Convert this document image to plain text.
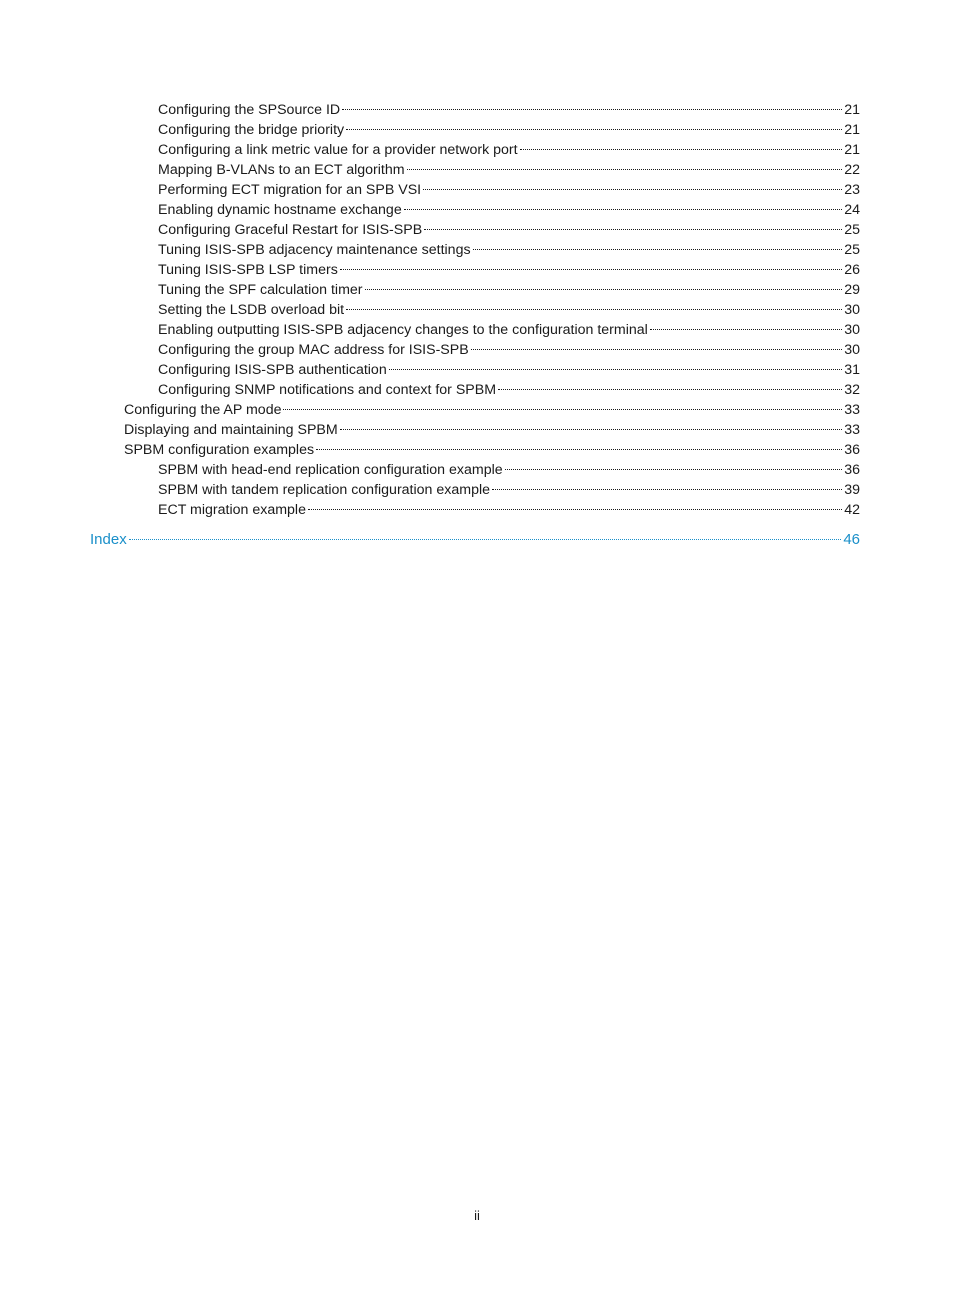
Configuring the SPSource ID	21
Configuring the bridge priority	21
Configuring a link metric value for a provider network port	21
Mapping B-VLANs to an ECT algorithm	22
Performing ECT migration for an SPB VSI	23
Enabling dynamic hostname exchange	24
Configuring Graceful Restart for ISIS-SPB	25
Tuning ISIS-SPB adjacency maintenance settings	25
Tuning ISIS-SPB LSP timers	26
Tuning the SPF calculation timer	29
Setting the LSDB overload bit	30
Enabling outputting ISIS-SPB adjacency changes to the configuration terminal	30
Configuring the group MAC address for ISIS-SPB	30
Configuring ISIS-SPB authentication	31
Configuring SNMP notifications and context for SPBM	32
Configuring the AP mode	33
Displaying and maintaining SPBM	33
SPBM configuration examples	36
SPBM with head-end replication configuration example	36
SPBM with tandem replication configuration example	39
ECT migration example	42
Index	46
ii
